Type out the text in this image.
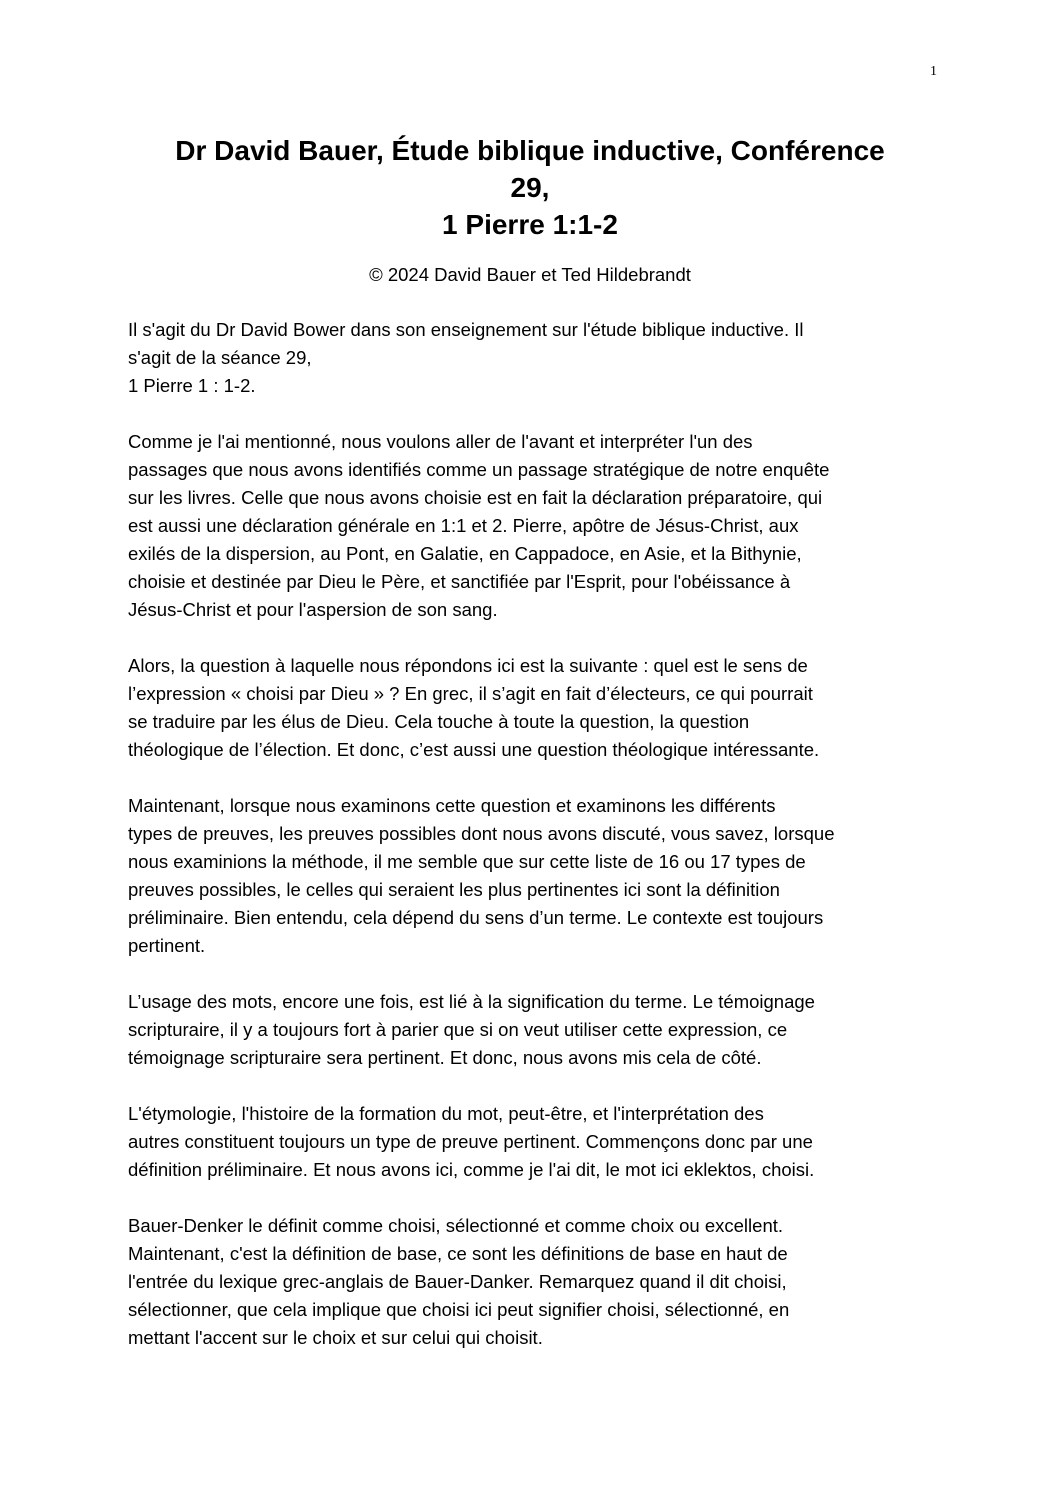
1
Dr David Bauer, Étude biblique inductive, Conférence
29,
1 Pierre 1:1-2
© 2024 David Bauer et Ted Hildebrandt

Il s'agit du Dr David Bower dans son enseignement sur l'étude biblique inductive. Il
s'agit de la séance 29,
1 Pierre 1 : 1-2.

Comme je l'ai mentionné, nous voulons aller de l'avant et interpréter l'un des
passages que nous avons identifiés comme un passage stratégique de notre enquête
sur les livres. Celle que nous avons choisie est en fait la déclaration préparatoire, qui
est aussi une déclaration générale en 1:1 et 2. Pierre, apôtre de Jésus-Christ, aux
exilés de la dispersion, au Pont, en Galatie, en Cappadoce, en Asie, et la Bithynie,
choisie et destinée par Dieu le Père, et sanctifiée par l'Esprit, pour l'obéissance à
Jésus-Christ et pour l'aspersion de son sang.

Alors, la question à laquelle nous répondons ici est la suivante : quel est le sens de
l’expression « choisi par Dieu » ? En grec, il s’agit en fait d’électeurs, ce qui pourrait
se traduire par les élus de Dieu. Cela touche à toute la question, la question
théologique de l’élection. Et donc, c’est aussi une question théologique intéressante.

Maintenant, lorsque nous examinons cette question et examinons les différents
types de preuves, les preuves possibles dont nous avons discuté, vous savez, lorsque
nous examinions la méthode, il me semble que sur cette liste de 16 ou 17 types de
preuves possibles, le celles qui seraient les plus pertinentes ici sont la définition
préliminaire. Bien entendu, cela dépend du sens d’un terme. Le contexte est toujours
pertinent.

L’usage des mots, encore une fois, est lié à la signification du terme. Le témoignage
scripturaire, il y a toujours fort à parier que si on veut utiliser cette expression, ce
témoignage scripturaire sera pertinent. Et donc, nous avons mis cela de côté.

L'étymologie, l'histoire de la formation du mot, peut-être, et l'interprétation des
autres constituent toujours un type de preuve pertinent. Commençons donc par une
définition préliminaire. Et nous avons ici, comme je l'ai dit, le mot ici eklektos, choisi.

Bauer-Denker le définit comme choisi, sélectionné et comme choix ou excellent.
Maintenant, c'est la définition de base, ce sont les définitions de base en haut de
l'entrée du lexique grec-anglais de Bauer-Danker. Remarquez quand il dit choisi,
sélectionner, que cela implique que choisi ici peut signifier choisi, sélectionné, en
mettant l'accent sur le choix et sur celui qui choisit.
